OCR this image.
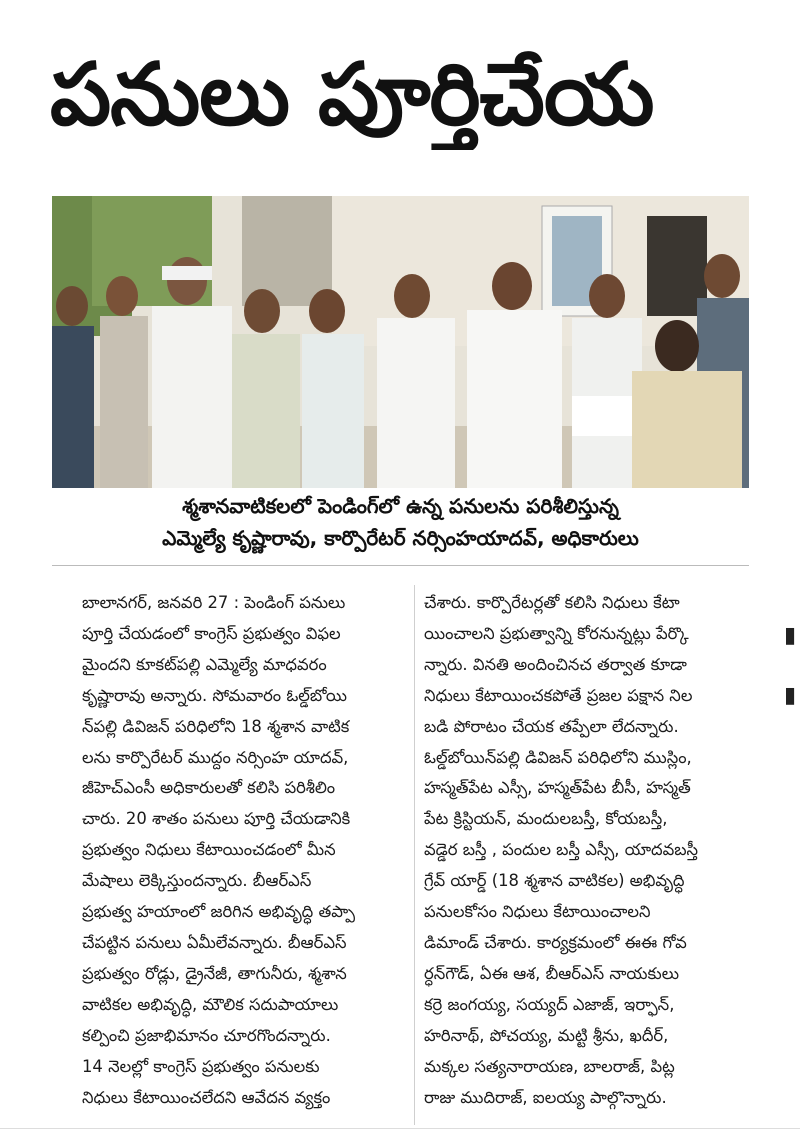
పనులు పూర్తిచేయ
శ్మశానవాటికలలో పెండింగ్‌లో ఉన్న పనులను పరిశీలిస్తున్న
ఎమ్మెల్యే కృష్ణారావు, కార్పొరేటర్ నర్సింహయాదవ్, అధికారులు
బాలానగర్, జనవరి 27 : పెండింగ్ పనులు
పూర్తి చేయడంలో కాంగ్రెస్ ప్రభుత్వం విఫల
మైందని కూకట్‌పల్లి ఎమ్మెల్యే మాధవరం
కృష్ణారావు అన్నారు. సోమవారం ఓల్డ్‌బోయి
న్‌పల్లి డివిజన్ పరిధిలోని 18 శ్మశాన వాటిక
లను కార్పొరేటర్ ముద్దం నర్సింహ యాదవ్,
జీహెచ్ఎంసీ అధికారులతో కలిసి పరిశీలిం
చారు. 20 శాతం పనులు పూర్తి చేయడానికి
ప్రభుత్వం నిధులు కేటాయించడంలో మీన
మేషాలు లెక్కిస్తుందన్నారు. బీఆర్ఎస్
ప్రభుత్వ హయాంలో జరిగిన అభివృద్ధి తప్పా
చేపట్టిన పనులు ఏమీలేవన్నారు. బీఆర్ఎస్
ప్రభుత్వం రోడ్లు, డ్రైనేజీ, తాగునీరు, శ్మశాన
వాటికల అభివృద్ధి, మౌలిక సదుపాయాలు
కల్పించి ప్రజాభిమానం చూరగొందన్నారు.
14 నెలల్లో కాంగ్రెస్ ప్రభుత్వం పనులకు
నిధులు కేటాయించలేదని ఆవేదన వ్యక్తం
చేశారు. కార్పొరేటర్లతో కలిసి నిధులు కేటా
యించాలని ప్రభుత్వాన్ని కోరనున్నట్లు పేర్కొ
న్నారు. వినతి అందించినచ తర్వాత కూడా
నిధులు కేటాయించకపోతే ప్రజల పక్షాన నిల
బడి పోరాటం చేయక తప్పేలా లేదన్నారు.
ఓల్డ్‌బోయిన్‌పల్లి డివిజన్ పరిధిలోని ముస్లిం,
హస్మత్‌పేట ఎస్సీ, హస్మత్‌పేట బీసీ, హస్మత్
పేట క్రిస్టియన్, మందులబస్తీ, కోయబస్తీ,
వడ్డెర బస్తీ , పందుల బస్తీ ఎస్సీ, యాదవబస్తీ
గ్రేవ్ యార్డ్ (18 శ్మశాన వాటికల) అభివృద్ధి
పనులకోసం నిధులు కేటాయించాలని
డిమాండ్ చేశారు. కార్యక్రమంలో ఈఈ గోవ
ర్ధన్‌గౌడ్, ఏఈ ఆశ, బీఆర్ఎస్ నాయకులు
కర్రె జంగయ్య, సయ్యద్ ఎజాజ్, ఇర్ఫాన్,
హరినాథ్, పోచయ్య, మట్టి శ్రీను, ఖదీర్,
మక్కల సత్యనారాయణ, బాలరాజ్, పిట్ల
రాజు ముదిరాజ్, ఐలయ్య పాల్గొన్నారు.
▮
▮
